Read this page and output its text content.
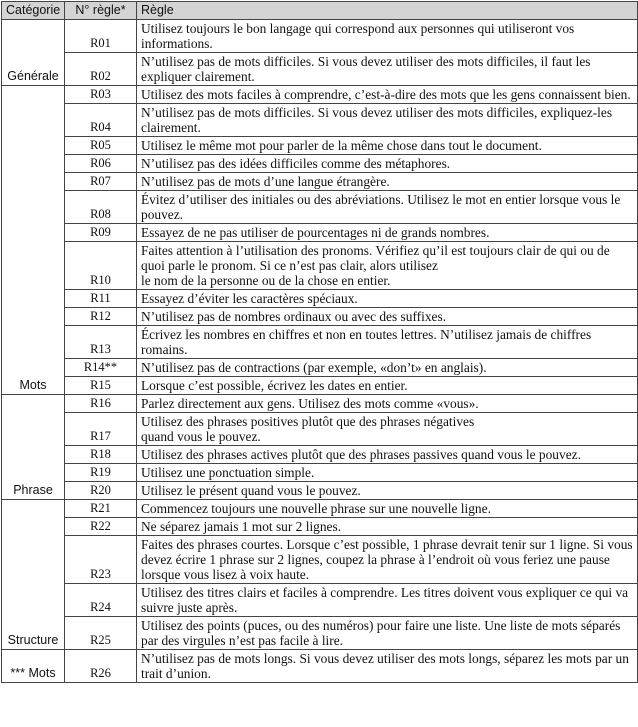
Catégorie	N° règle*	Règle
Générale	R01	Utilisez toujours le bon langage qui correspond aux personnes qui utiliseront vos informations.
	R02	N’utilisez pas de mots difficiles. Si vous devez utiliser des mots difficiles, il faut les expliquer clairement.
Mots	R03	Utilisez des mots faciles à comprendre, c’est-à-dire des mots que les gens connaissent bien.
	R04	N’utilisez pas de mots difficiles. Si vous devez utiliser des mots difficiles, expliquez-les clairement.
	R05	Utilisez le même mot pour parler de la même chose dans tout le document.
	R06	N’utilisez pas des idées difficiles comme des métaphores.
	R07	N’utilisez pas de mots d’une langue étrangère.
	R08	Évitez d’utiliser des initiales ou des abréviations. Utilisez le mot en entier lorsque vous le pouvez.
	R09	Essayez de ne pas utiliser de pourcentages ni de grands nombres.
	R10	Faites attention à l’utilisation des pronoms. Vérifiez qu’il est toujours clair de qui ou de quoi parle le pronom. Si ce n’est pas clair, alors utilisez
le nom de la personne ou de la chose en entier.
	R11	Essayez d’éviter les caractères spéciaux.
	R12	N’utilisez pas de nombres ordinaux ou avec des suffixes.
	R13	Écrivez les nombres en chiffres et non en toutes lettres. N’utilisez jamais de chiffres romains.
	R14**	N’utilisez pas de contractions (par exemple, «don’t» en anglais).
	R15	Lorsque c’est possible, écrivez les dates en entier.
Phrase	R16	Parlez directement aux gens. Utilisez des mots comme «vous».
	R17	Utilisez des phrases positives plutôt que des phrases négatives
quand vous le pouvez.
	R18	Utilisez des phrases actives plutôt que des phrases passives quand vous le pouvez.
	R19	Utilisez une ponctuation simple.
	R20	Utilisez le présent quand vous le pouvez.
Structure	R21	Commencez toujours une nouvelle phrase sur une nouvelle ligne.
	R22	Ne séparez jamais 1 mot sur 2 lignes.
	R23	Faites des phrases courtes. Lorsque c’est possible, 1 phrase devrait tenir sur 1 ligne. Si vous devez écrire 1 phrase sur 2 lignes, coupez la phrase à l’endroit où vous feriez une pause lorsque vous lisez à voix haute.
	R24	Utilisez des titres clairs et faciles à comprendre. Les titres doivent vous expliquer ce qui va suivre juste après.
	R25	Utilisez des points (puces, ou des numéros) pour faire une liste. Une liste de mots séparés par des virgules n’est pas facile à lire.
*** Mots	R26	N’utilisez pas de mots longs. Si vous devez utiliser des mots longs, séparez les mots par un trait d’union.
